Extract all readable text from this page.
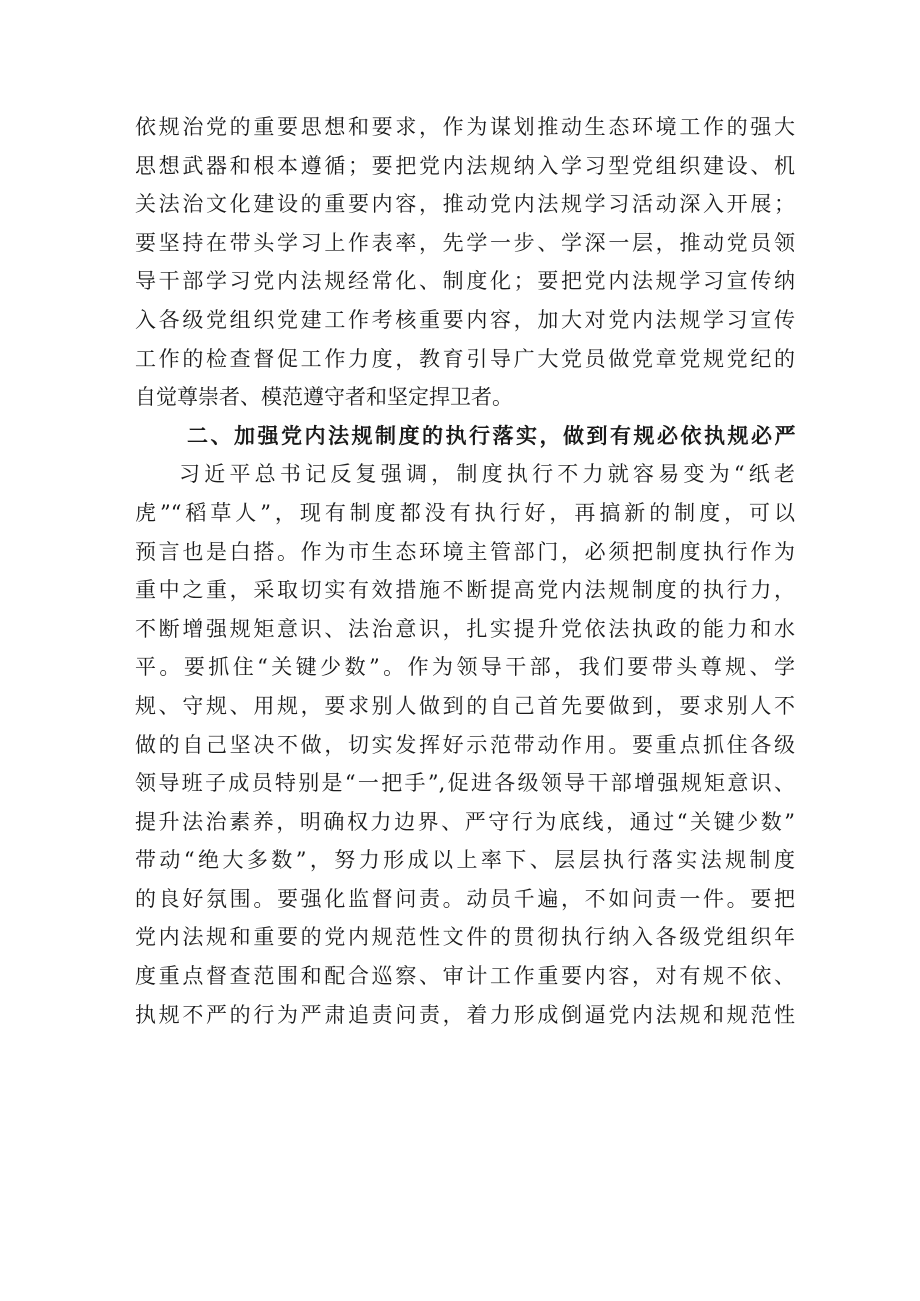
依规治党的重要思想和要求，作为谋划推动生态环境工作的强大
思想武器和根本遵循；要把党内法规纳入学习型党组织建设、机
关法治文化建设的重要内容，推动党内法规学习活动深入开展；
要坚持在带头学习上作表率，先学一步、学深一层，推动党员领
导干部学习党内法规经常化、制度化；要把党内法规学习宣传纳
入各级党组织党建工作考核重要内容，加大对党内法规学习宣传
工作的检查督促工作力度，教育引导广大党员做党章党规党纪的
自觉尊崇者、模范遵守者和坚定捍卫者。
二、加强党内法规制度的执行落实，做到有规必依执规必严
习近平总书记反复强调，制度执行不力就容易变为“纸老
虎”“稻草人”，现有制度都没有执行好，再搞新的制度，可以
预言也是白搭。作为市生态环境主管部门，必须把制度执行作为
重中之重，采取切实有效措施不断提高党内法规制度的执行力，
不断增强规矩意识、法治意识，扎实提升党依法执政的能力和水
平。要抓住“关键少数”。作为领导干部，我们要带头尊规、学
规、守规、用规，要求别人做到的自己首先要做到，要求别人不
做的自己坚决不做，切实发挥好示范带动作用。要重点抓住各级
领导班子成员特别是“一把手”,促进各级领导干部增强规矩意识、
提升法治素养，明确权力边界、严守行为底线，通过“关键少数”
带动“绝大多数”，努力形成以上率下、层层执行落实法规制度
的良好氛围。要强化监督问责。动员千遍，不如问责一件。要把
党内法规和重要的党内规范性文件的贯彻执行纳入各级党组织年
度重点督查范围和配合巡察、审计工作重要内容，对有规不依、
执规不严的行为严肃追责问责，着力形成倒逼党内法规和规范性
